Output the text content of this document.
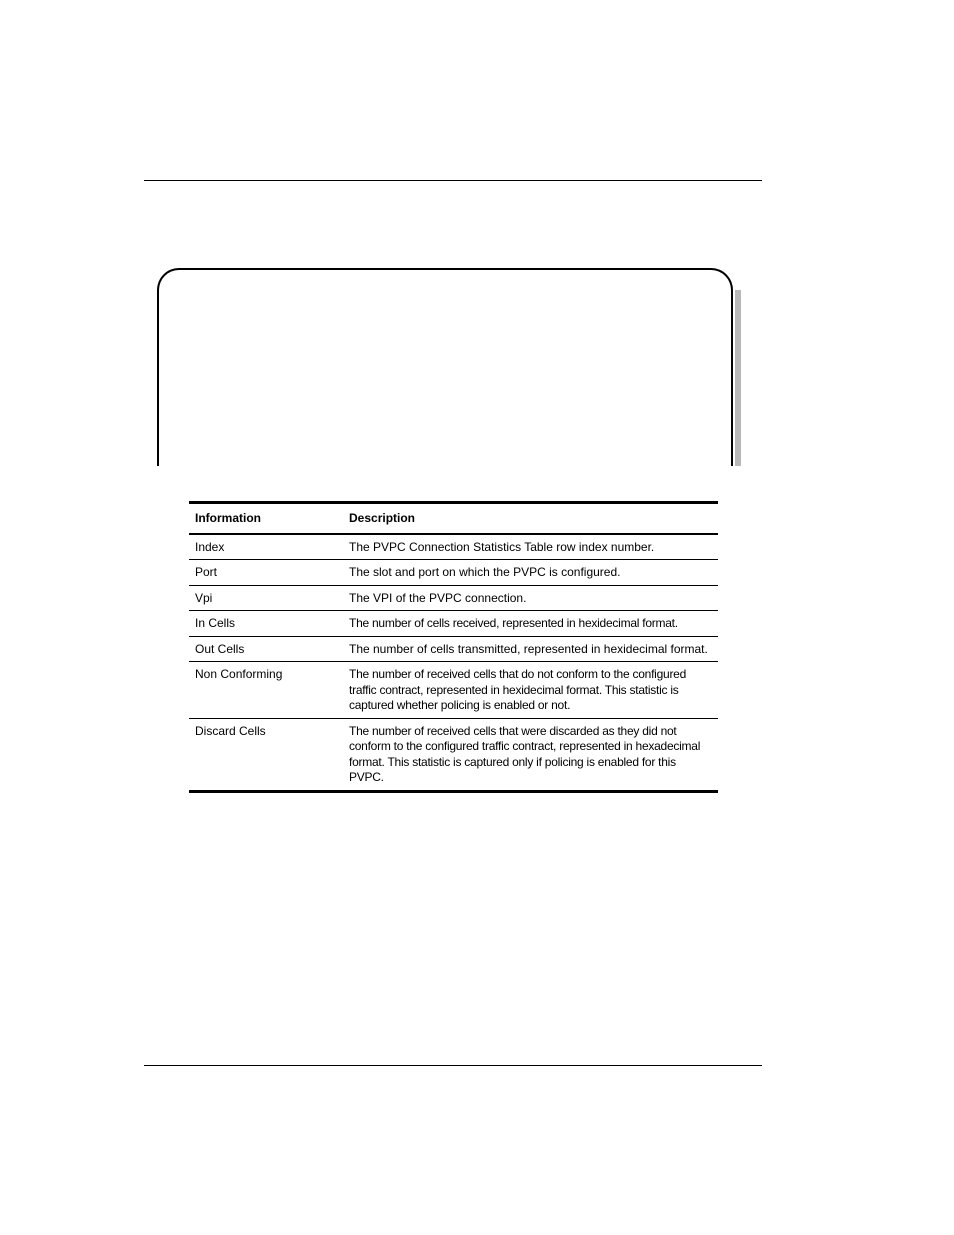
Information	Description
Index	The PVPC Connection Statistics Table row index number.
Port	The slot and port on which the PVPC is configured.
Vpi	The VPI of the PVPC connection.
In Cells	The number of cells received, represented in hexidecimal format.
Out Cells	The number of cells transmitted, represented in hexidecimal format.
Non Conforming	The number of received cells that do not conform to the configured traffic contract, represented in hexidecimal format. This statistic is captured whether policing is enabled or not.
Discard Cells	The number of received cells that were discarded as they did not conform to the configured traffic contract, represented in hexadecimal format. This statistic is captured only if policing is enabled for this PVPC.
